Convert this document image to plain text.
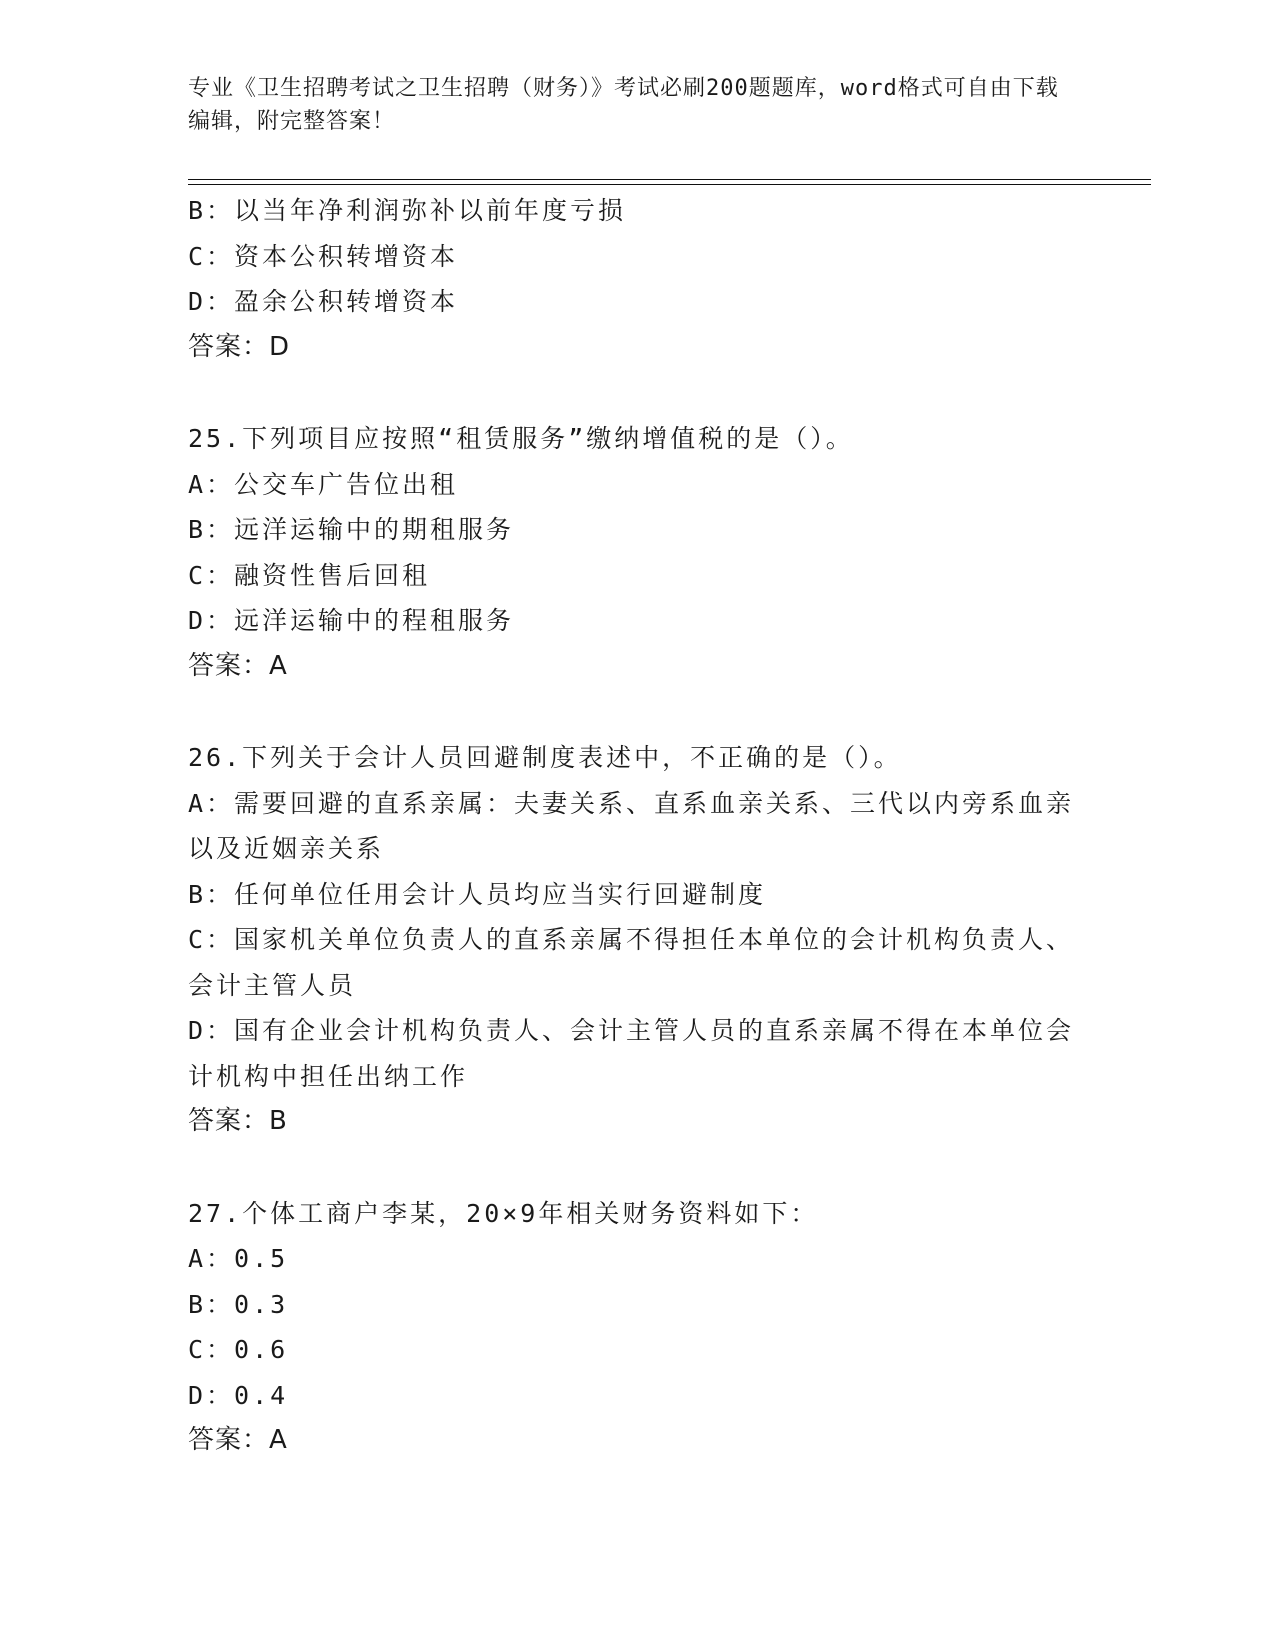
专业《卫生招聘考试之卫生招聘（财务）》考试必刷200题题库，word格式可自由下载编辑，附完整答案！

B：以当年净利润弥补以前年度亏损

C：资本公积转增资本

D：盈余公积转增资本

答案：D

25.下列项目应按照“租赁服务”缴纳增值税的是（）。

A：公交车广告位出租

B：远洋运输中的期租服务

C：融资性售后回租

D：远洋运输中的程租服务

答案：A

26.下列关于会计人员回避制度表述中，不正确的是（）。

A：需要回避的直系亲属：夫妻关系、直系血亲关系、三代以内旁系血亲以及近姻亲关系

B：任何单位任用会计人员均应当实行回避制度

C：国家机关单位负责人的直系亲属不得担任本单位的会计机构负责人、会计主管人员

D：国有企业会计机构负责人、会计主管人员的直系亲属不得在本单位会计机构中担任出纳工作

答案：B

27.个体工商户李某，20×9年相关财务资料如下：

A：0.5

B：0.3

C：0.6

D：0.4

答案：A
